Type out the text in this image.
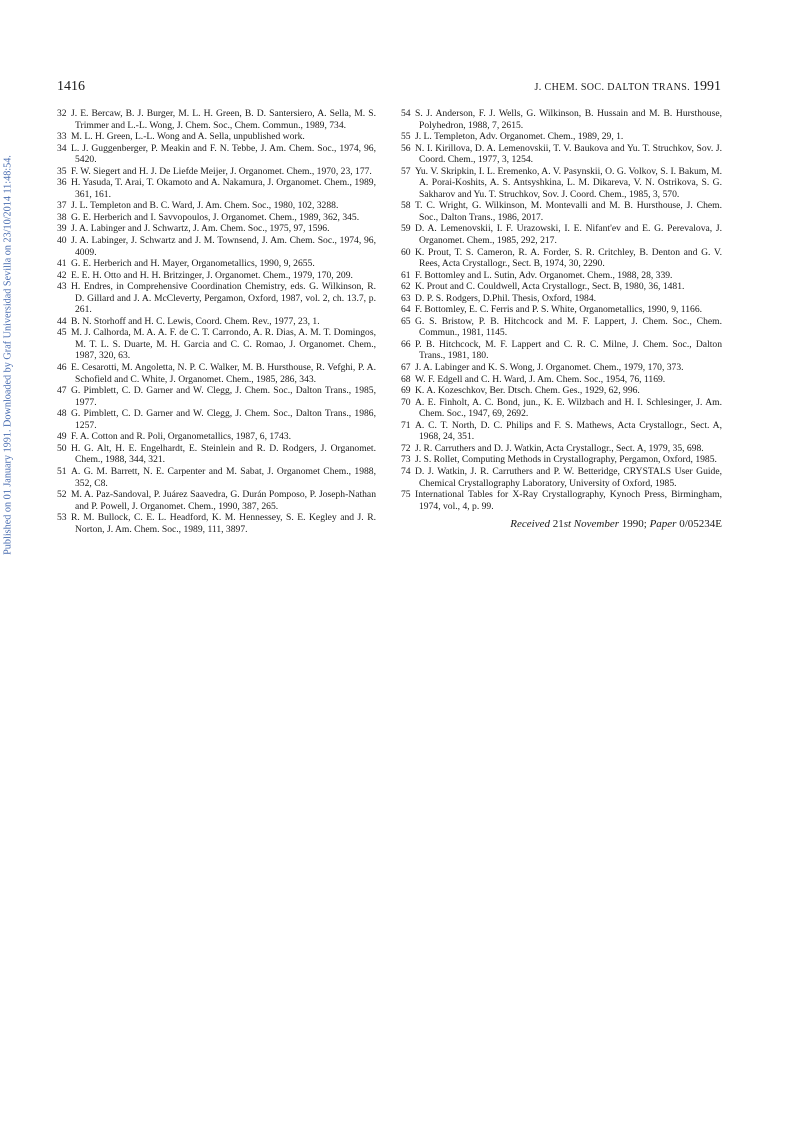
1416	J. CHEM. SOC. DALTON TRANS. 1991
Published on 01 January 1991. Downloaded by Graf Universidad Sevilla on 23/10/2014 11:48:54.

32 J. E. Bercaw, B. J. Burger, M. L. H. Green, B. D. Santersiero, A. Sella, M. S. Trimmer and L.-L. Wong, J. Chem. Soc., Chem. Commun., 1989, 734.

33 M. L. H. Green, L.-L. Wong and A. Sella, unpublished work.

34 L. J. Guggenberger, P. Meakin and F. N. Tebbe, J. Am. Chem. Soc., 1974, 96, 5420.

35 F. W. Siegert and H. J. De Liefde Meijer, J. Organomet. Chem., 1970, 23, 177.

36 H. Yasuda, T. Arai, T. Okamoto and A. Nakamura, J. Organomet. Chem., 1989, 361, 161.

37 J. L. Templeton and B. C. Ward, J. Am. Chem. Soc., 1980, 102, 3288.

38 G. E. Herberich and I. Savvopoulos, J. Organomet. Chem., 1989, 362, 345.

39 J. A. Labinger and J. Schwartz, J. Am. Chem. Soc., 1975, 97, 1596.

40 J. A. Labinger, J. Schwartz and J. M. Townsend, J. Am. Chem. Soc., 1974, 96, 4009.

41 G. E. Herberich and H. Mayer, Organometallics, 1990, 9, 2655.

42 E. E. H. Otto and H. H. Britzinger, J. Organomet. Chem., 1979, 170, 209.

43 H. Endres, in Comprehensive Coordination Chemistry, eds. G. Wilkinson, R. D. Gillard and J. A. McCleverty, Pergamon, Oxford, 1987, vol. 2, ch. 13.7, p. 261.

44 B. N. Storhoff and H. C. Lewis, Coord. Chem. Rev., 1977, 23, 1.

45 M. J. Calhorda, M. A. A. F. de C. T. Carrondo, A. R. Dias, A. M. T. Domingos, M. T. L. S. Duarte, M. H. Garcia and C. C. Romao, J. Organomet. Chem., 1987, 320, 63.

46 E. Cesarotti, M. Angoletta, N. P. C. Walker, M. B. Hursthouse, R. Vefghi, P. A. Schofield and C. White, J. Organomet. Chem., 1985, 286, 343.

47 G. Pimblett, C. D. Garner and W. Clegg, J. Chem. Soc., Dalton Trans., 1985, 1977.

48 G. Pimblett, C. D. Garner and W. Clegg, J. Chem. Soc., Dalton Trans., 1986, 1257.

49 F. A. Cotton and R. Poli, Organometallics, 1987, 6, 1743.

50 H. G. Alt, H. E. Engelhardt, E. Steinlein and R. D. Rodgers, J. Organomet. Chem., 1988, 344, 321.

51 A. G. M. Barrett, N. E. Carpenter and M. Sabat, J. Organomet Chem., 1988, 352, C8.

52 M. A. Paz-Sandoval, P. Juárez Saavedra, G. Durán Pomposo, P. Joseph-Nathan and P. Powell, J. Organomet. Chem., 1990, 387, 265.

53 R. M. Bullock, C. E. L. Headford, K. M. Hennessey, S. E. Kegley and J. R. Norton, J. Am. Chem. Soc., 1989, 111, 3897.

54 S. J. Anderson, F. J. Wells, G. Wilkinson, B. Hussain and M. B. Hursthouse, Polyhedron, 1988, 7, 2615.

55 J. L. Templeton, Adv. Organomet. Chem., 1989, 29, 1.

56 N. I. Kirillova, D. A. Lemenovskii, T. V. Baukova and Yu. T. Struchkov, Sov. J. Coord. Chem., 1977, 3, 1254.

57 Yu. V. Skripkin, I. L. Eremenko, A. V. Pasynskii, O. G. Volkov, S. I. Bakum, M. A. Porai-Koshits, A. S. Antsyshkina, L. M. Dikareva, V. N. Ostrikova, S. G. Sakharov and Yu. T. Struchkov, Sov. J. Coord. Chem., 1985, 3, 570.

58 T. C. Wright, G. Wilkinson, M. Montevalli and M. B. Hursthouse, J. Chem. Soc., Dalton Trans., 1986, 2017.

59 D. A. Lemenovskii, I. F. Urazowski, I. E. Nifant'ev and E. G. Perevalova, J. Organomet. Chem., 1985, 292, 217.

60 K. Prout, T. S. Cameron, R. A. Forder, S. R. Critchley, B. Denton and G. V. Rees, Acta Crystallogr., Sect. B, 1974, 30, 2290.

61 F. Bottomley and L. Sutin, Adv. Organomet. Chem., 1988, 28, 339.

62 K. Prout and C. Couldwell, Acta Crystallogr., Sect. B, 1980, 36, 1481.

63 D. P. S. Rodgers, D.Phil. Thesis, Oxford, 1984.

64 F. Bottomley, E. C. Ferris and P. S. White, Organometallics, 1990, 9, 1166.

65 G. S. Bristow, P. B. Hitchcock and M. F. Lappert, J. Chem. Soc., Chem. Commun., 1981, 1145.

66 P. B. Hitchcock, M. F. Lappert and C. R. C. Milne, J. Chem. Soc., Dalton Trans., 1981, 180.

67 J. A. Labinger and K. S. Wong, J. Organomet. Chem., 1979, 170, 373.

68 W. F. Edgell and C. H. Ward, J. Am. Chem. Soc., 1954, 76, 1169.

69 K. A. Kozeschkov, Ber. Dtsch. Chem. Ges., 1929, 62, 996.

70 A. E. Finholt, A. C. Bond, jun., K. E. Wilzbach and H. I. Schlesinger, J. Am. Chem. Soc., 1947, 69, 2692.

71 A. C. T. North, D. C. Philips and F. S. Mathews, Acta Crystallogr., Sect. A, 1968, 24, 351.

72 J. R. Carruthers and D. J. Watkin, Acta Crystallogr., Sect. A, 1979, 35, 698.

73 J. S. Rollet, Computing Methods in Crystallography, Pergamon, Oxford, 1985.

74 D. J. Watkin, J. R. Carruthers and P. W. Betteridge, CRYSTALS User Guide, Chemical Crystallography Laboratory, University of Oxford, 1985.

75 International Tables for X-Ray Crystallography, Kynoch Press, Birmingham, 1974, vol., 4, p. 99.

Received 21st November 1990; Paper 0/05234E
